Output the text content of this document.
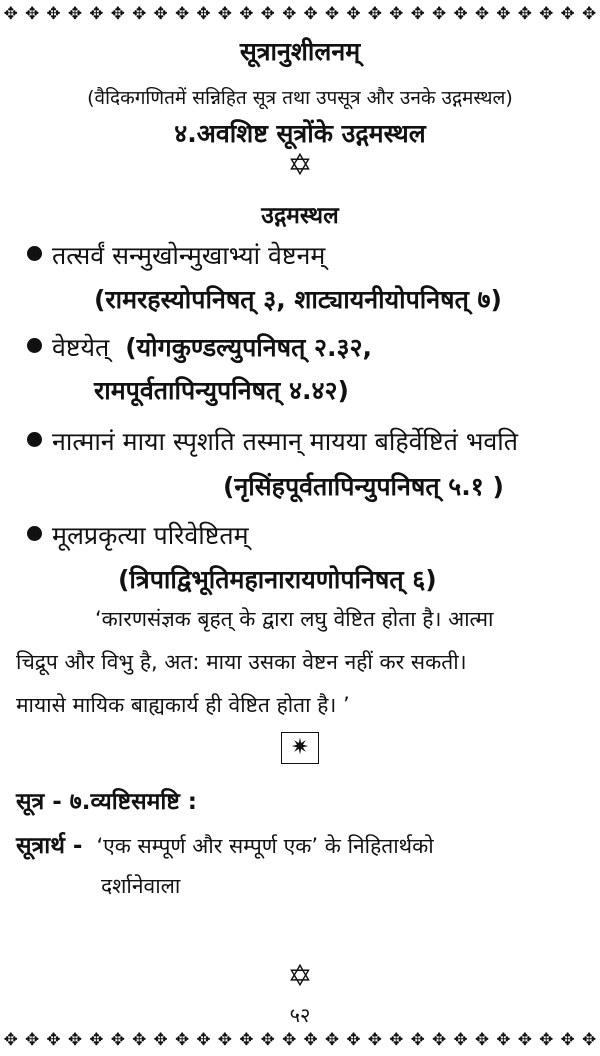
✥ ✥ ✥ ✥ ✥ ✥ ✥ ✥ ✥ ✥ ✥ ✥ ✥ ✥ ✥ ✥ ✥ ✥ ✥ ✥ ✥ ✥ ✥ ✥ ✥ ✥ ✥ ✥
सूत्रानुशीलनम्
(वैदिकगणितमें सन्निहित सूत्र तथा उपसूत्र और उनके उद्गमस्थल)
४.अवशिष्ट सूत्रोंके उद्गमस्थल
✡
उद्गमस्थल
तत्सर्वं सन्मुखोन्मुखाभ्यां वेष्टनम्
(रामरहस्योपनिषत् ३, शाट्यायनीयोपनिषत् ७)
वेष्टयेत् (योगकुण्डल्युपनिषत् २.३२,
रामपूर्वतापिन्युपनिषत् ४.४२)
नात्मानं माया स्पृशति तस्मान् मायया बहिर्वेष्टितं भवति
(नृसिंहपूर्वतापिन्युपनिषत् ५.१ )
मूलप्रकृत्या परिवेष्टितम्
(त्रिपाद्विभूतिमहानारायणोपनिषत् ६)
‘कारणसंज्ञक बृहत् के द्वारा लघु वेष्टित होता है। आत्मा
चिद्रूप और विभु है, अत: माया उसका वेष्टन नहीं कर सकती।
मायासे मायिक बाह्यकार्य ही वेष्टित होता है। ’
✷
सूत्र - ७.व्यष्टिसमष्टि :
सूत्रार्थ - ‘एक सम्पूर्ण और सम्पूर्ण एक’ के निहितार्थको
दर्शानेवाला
✡
५२
✥ ✥ ✥ ✥ ✥ ✥ ✥ ✥ ✥ ✥ ✥ ✥ ✥ ✥ ✥ ✥ ✥ ✥ ✥ ✥ ✥ ✥ ✥ ✥ ✥ ✥ ✥ ✥
